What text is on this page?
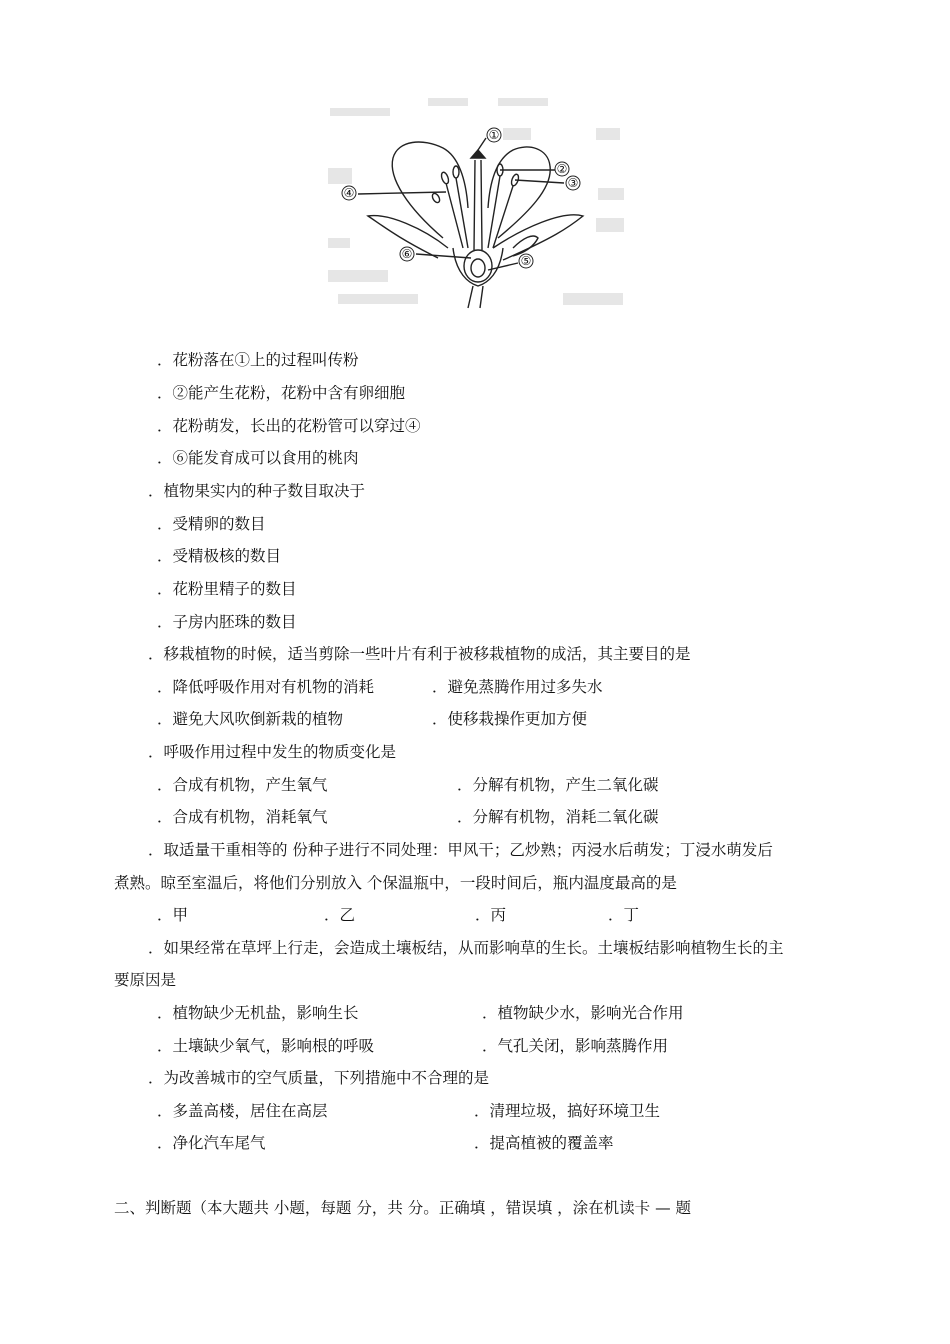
①
②
③
④
⑤
⑥
．花粉落在①上的过程叫传粉
．②能产生花粉，花粉中含有卵细胞
．花粉萌发，长出的花粉管可以穿过④
．⑥能发育成可以食用的桃肉
．植物果实内的种子数目取决于
．受精卵的数目
．受精极核的数目
．花粉里精子的数目
．子房内胚珠的数目
．移栽植物的时候，适当剪除一些叶片有利于被移栽植物的成活，其主要目的是
．降低呼吸作用对有机物的消耗	．避免蒸腾作用过多失水
．避免大风吹倒新栽的植物	．使移栽操作更加方便
．呼吸作用过程中发生的物质变化是
．合成有机物，产生氧气	．分解有机物，产生二氧化碳
．合成有机物，消耗氧气	．分解有机物，消耗二氧化碳
．取适量干重相等的 份种子进行不同处理：甲风干；乙炒熟；丙浸水后萌发；丁浸水萌发后
煮熟。晾至室温后，将他们分别放入 个保温瓶中，一段时间后，瓶内温度最高的是
．甲	．乙	．丙	．丁
．如果经常在草坪上行走，会造成土壤板结，从而影响草的生长。土壤板结影响植物生长的主
要原因是
．植物缺少无机盐，影响生长	．植物缺少水，影响光合作用
．土壤缺少氧气，影响根的呼吸	．气孔关闭，影响蒸腾作用
．为改善城市的空气质量，下列措施中不合理的是
．多盖高楼，居住在高层	．清理垃圾，搞好环境卫生
．净化汽车尾气	．提高植被的覆盖率
二、判断题（本大题共 小题，每题 分，共 分。正确填 ，错误填 ，涂在机读卡 — 题
